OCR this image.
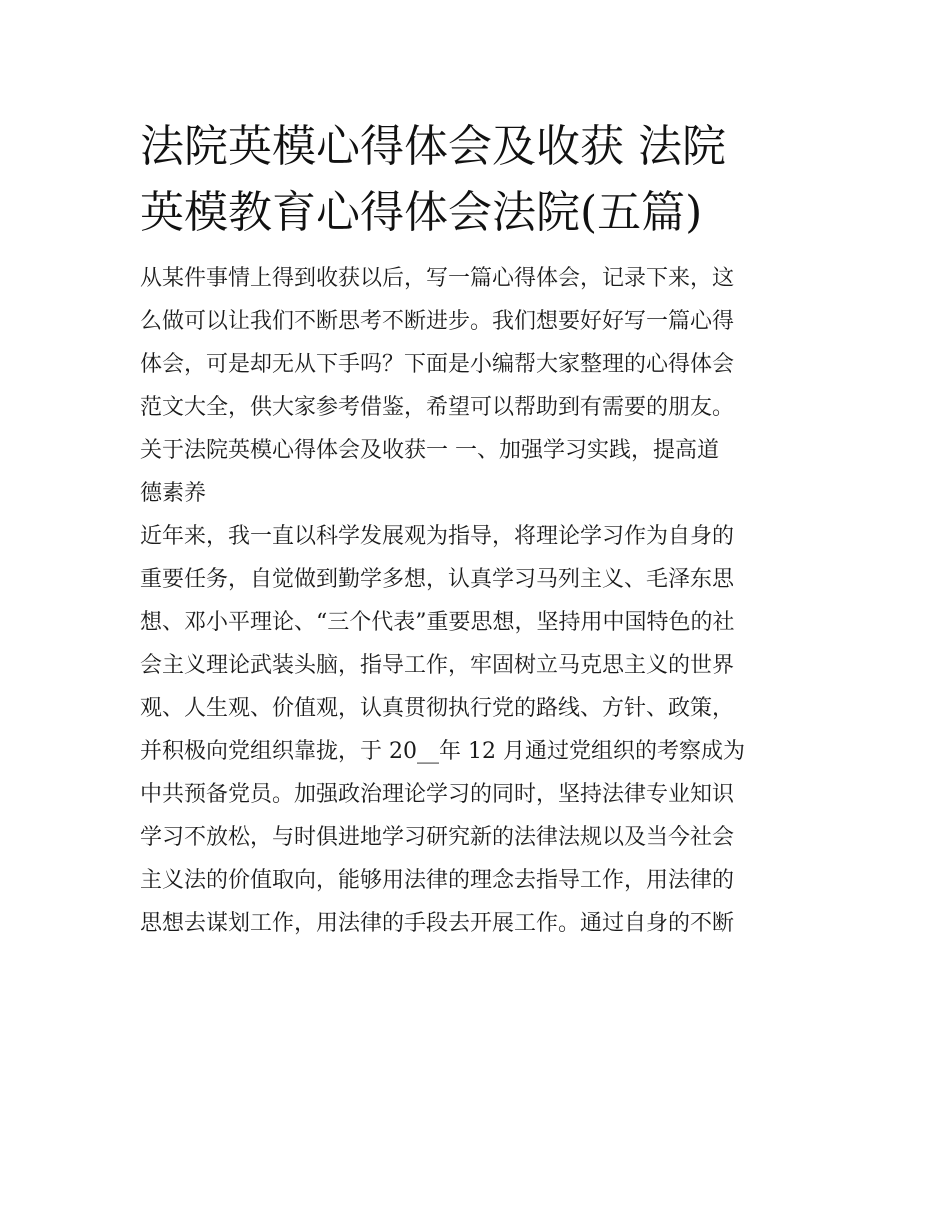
法院英模心得体会及收获 法院
英模教育心得体会法院(五篇)
从某件事情上得到收获以后，写一篇心得体会，记录下来，这
么做可以让我们不断思考不断进步。我们想要好好写一篇心得
体会，可是却无从下手吗？下面是小编帮大家整理的心得体会
范文大全，供大家参考借鉴，希望可以帮助到有需要的朋友。
关于法院英模心得体会及收获一 一、加强学习实践，提高道
德素养
近年来，我一直以科学发展观为指导，将理论学习作为自身的
重要任务，自觉做到勤学多想，认真学习马列主义、毛泽东思
想、邓小平理论、“三个代表”重要思想，坚持用中国特色的社
会主义理论武装头脑，指导工作，牢固树立马克思主义的世界
观、人生观、价值观，认真贯彻执行党的路线、方针、政策，
并积极向党组织靠拢，于 20__年 12 月通过党组织的考察成为
中共预备党员。加强政治理论学习的同时，坚持法律专业知识
学习不放松，与时俱进地学习研究新的法律法规以及当今社会
主义法的价值取向，能够用法律的理念去指导工作，用法律的
思想去谋划工作，用法律的手段去开展工作。通过自身的不断
